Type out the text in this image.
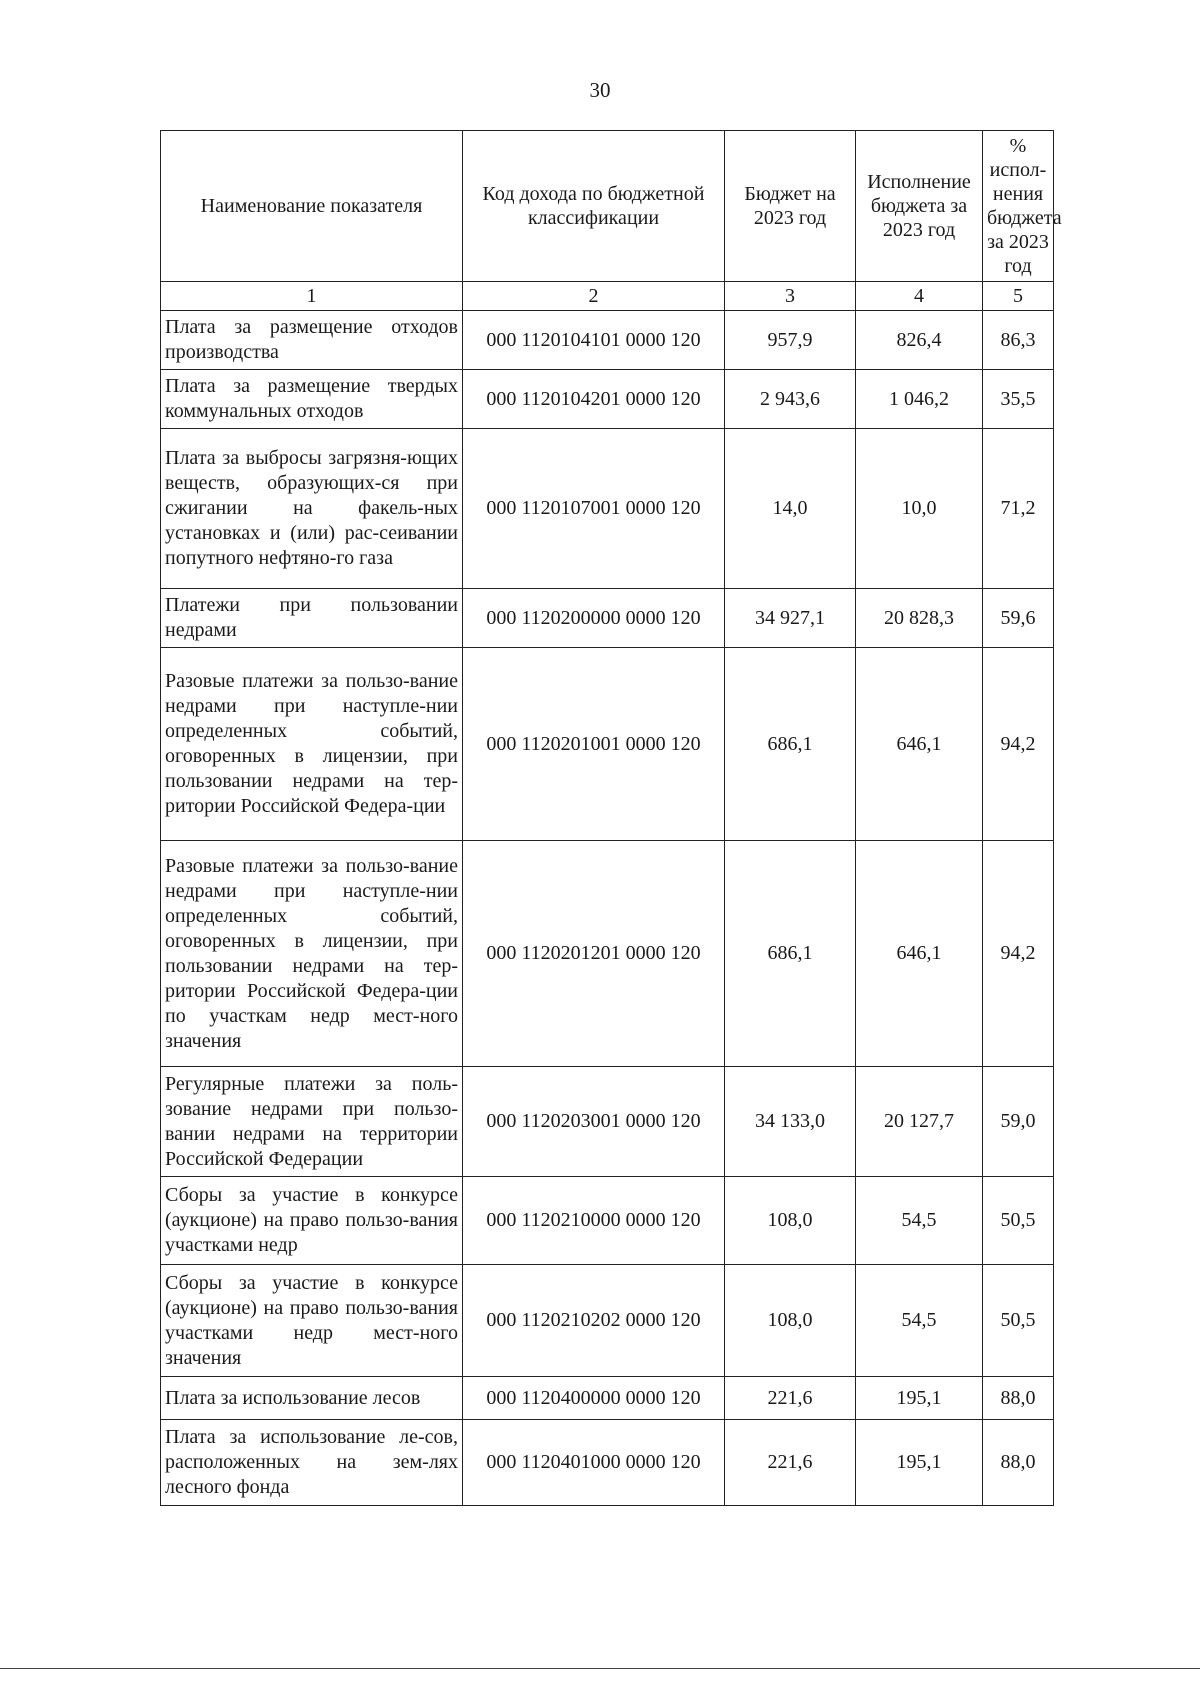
30
Наименование показателя	Код дохода по бюджетной классификации	Бюджет на 2023 год	Исполнение бюджета за 2023 год	% испол-нения бюджета за 2023 год
1	2	3	4	5
Плата за размещение отходов производства	000 1120104101 0000 120	957,9	826,4	86,3
Плата за размещение твердых коммунальных отходов	000 1120104201 0000 120	2 943,6	1 046,2	35,5
Плата за выбросы загрязня-ющих веществ, образующих-ся при сжигании на факель-ных установках и (или) рас-сеивании попутного нефтяно-го газа	000 1120107001 0000 120	14,0	10,0	71,2
Платежи при пользовании недрами	000 1120200000 0000 120	34 927,1	20 828,3	59,6
Разовые платежи за пользо-вание недрами при наступле-нии определенных событий, оговоренных в лицензии, при пользовании недрами на тер-ритории Российской Федера-ции	000 1120201001 0000 120	686,1	646,1	94,2
Разовые платежи за пользо-вание недрами при наступле-нии определенных событий, оговоренных в лицензии, при пользовании недрами на тер-ритории Российской Федера-ции по участкам недр мест-ного значения	000 1120201201 0000 120	686,1	646,1	94,2
Регулярные платежи за поль-зование недрами при пользо-вании недрами на территории Российской Федерации	000 1120203001 0000 120	34 133,0	20 127,7	59,0
Сборы за участие в конкурсе (аукционе) на право пользо-вания участками недр	000 1120210000 0000 120	108,0	54,5	50,5
Сборы за участие в конкурсе (аукционе) на право пользо-вания участками недр мест-ного значения	000 1120210202 0000 120	108,0	54,5	50,5
Плата за использование лесов	000 1120400000 0000 120	221,6	195,1	88,0
Плата за использование ле-сов, расположенных на зем-лях лесного фонда	000 1120401000 0000 120	221,6	195,1	88,0
